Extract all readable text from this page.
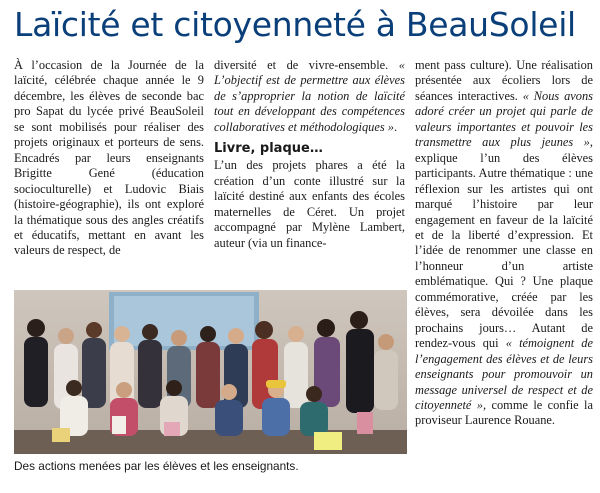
Laïcité et citoyenneté à BeauSoleil

À l’occasion de la Journée de la laïcité, célébrée chaque année le 9 décembre, les élèves de seconde bac pro Sapat du lycée privé BeauSoleil se sont mobilisés pour réaliser des projets originaux et porteurs de sens. Encadrés par leurs enseignants Brigitte Gené (éducation socioculturelle) et Ludovic Biais (histoire-géographie), ils ont exploré la thématique sous des angles créatifs et éducatifs, mettant en avant les valeurs de respect, de

diversité et de vivre-ensemble. « L’objectif est de permettre aux élèves de s’approprier la notion de laïcité tout en développant des compétences collaboratives et méthodologiques ».

Livre, plaque…

L’un des projets phares a été la création d’un conte illustré sur la laïcité destiné aux enfants des écoles maternelles de Céret. Un projet accompagné par Mylène Lambert, auteur (via un finance-

ment pass culture). Une réalisation présentée aux écoliers lors de séances interactives. « Nous avons adoré créer un projet qui parle de valeurs importantes et pouvoir les transmettre aux plus jeunes », explique l’un des élèves participants. Autre thématique : une réflexion sur les artistes qui ont marqué l’histoire par leur engagement en faveur de la laïcité et de la liberté d’expression. Et l’idée de renommer une classe en l’honneur d’un artiste emblématique. Qui ? Une plaque commémorative, créée par les élèves, sera dévoilée dans les prochains jours… Autant de rendez-vous qui « témoignent de l’engagement des élèves et de leurs enseignants pour promouvoir un message universel de respect et de citoyenneté », comme le confie la proviseur Laurence Rouane.

Des actions menées par les élèves et les enseignants.
